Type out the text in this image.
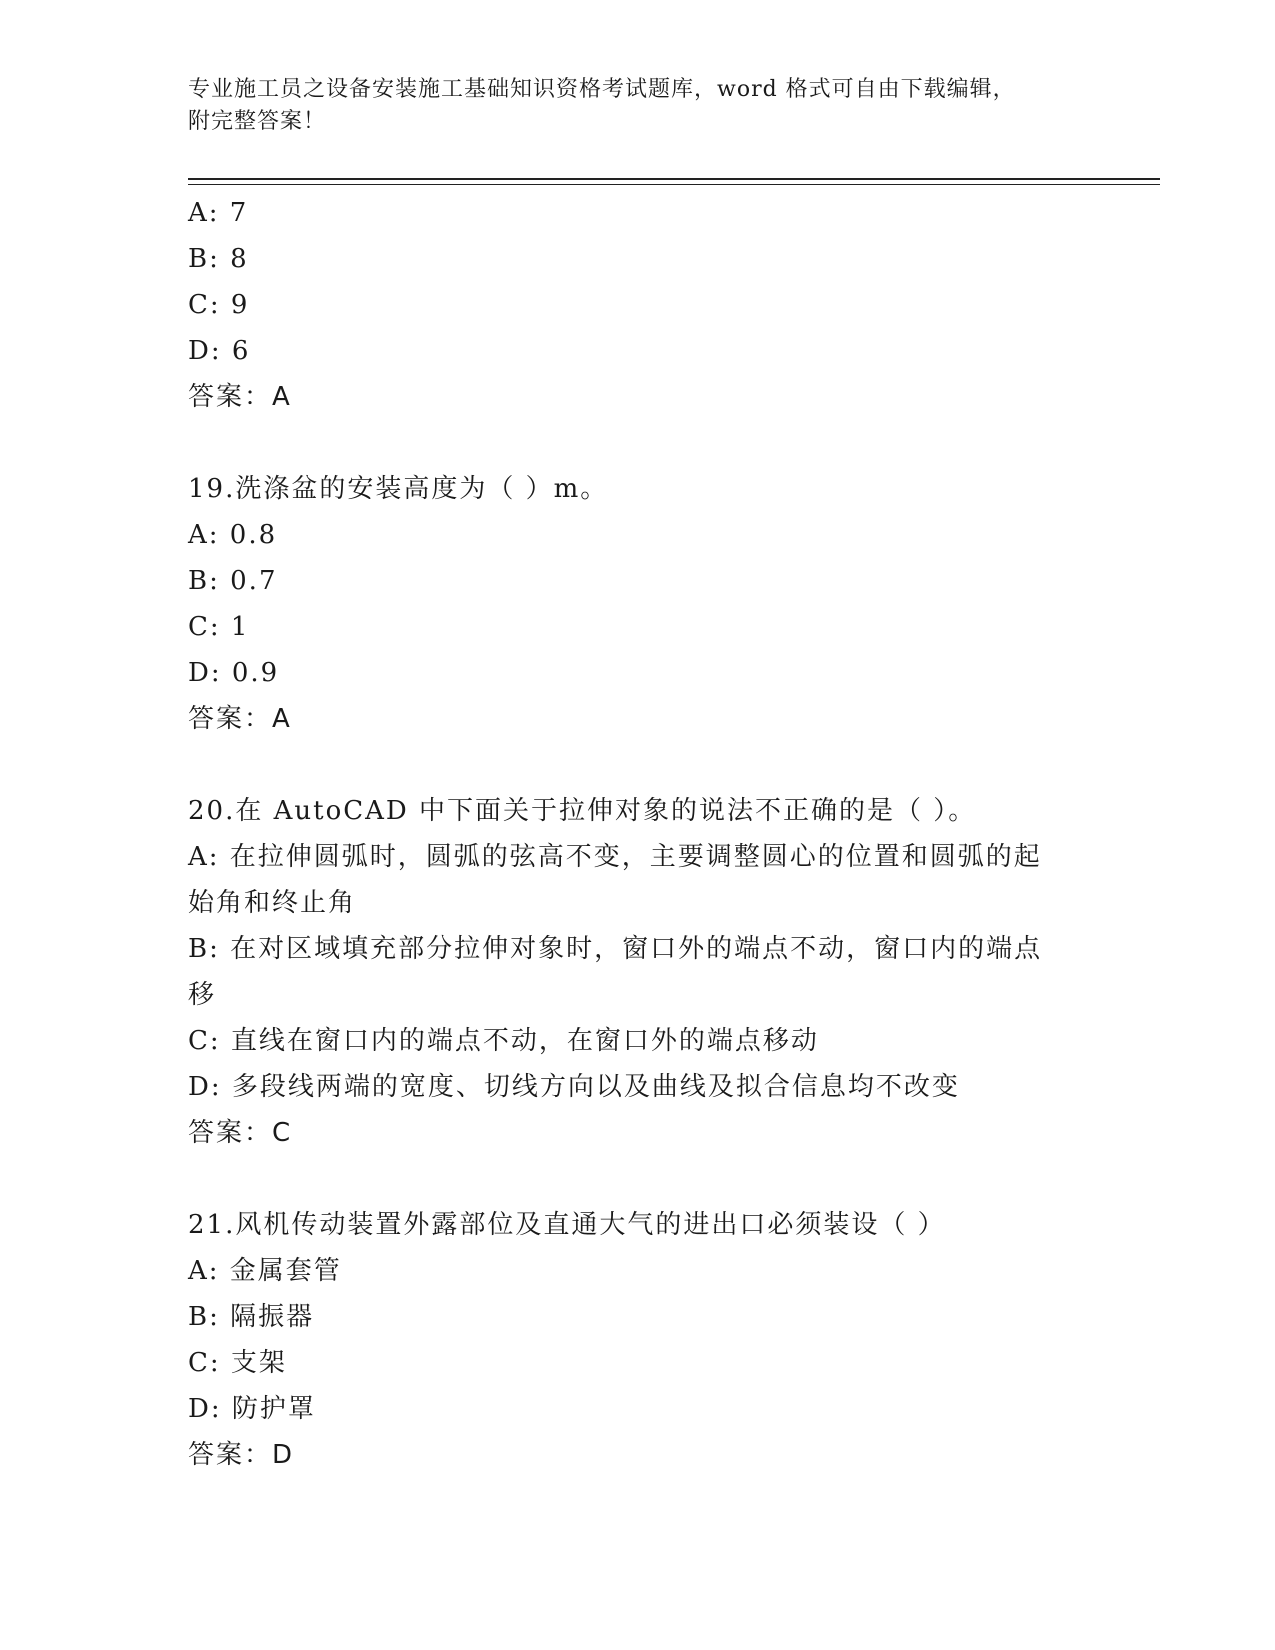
专业施工员之设备安装施工基础知识资格考试题库，word 格式可自由下载编辑，
附完整答案！
A: 7
B: 8
C: 9
D: 6
答案：A
19.洗涤盆的安装高度为（ ）m。
A: 0.8
B: 0.7
C: 1
D: 0.9
答案：A
20.在 AutoCAD 中下面关于拉伸对象的说法不正确的是（ ）。
A: 在拉伸圆弧时，圆弧的弦高不变，主要调整圆心的位置和圆弧的起
始角和终止角
B: 在对区域填充部分拉伸对象时，窗口外的端点不动，窗口内的端点
移
C: 直线在窗口内的端点不动，在窗口外的端点移动
D: 多段线两端的宽度、切线方向以及曲线及拟合信息均不改变
答案：C
21.风机传动装置外露部位及直通大气的进出口必须装设（ ）
A: 金属套管
B: 隔振器
C: 支架
D: 防护罩
答案：D
